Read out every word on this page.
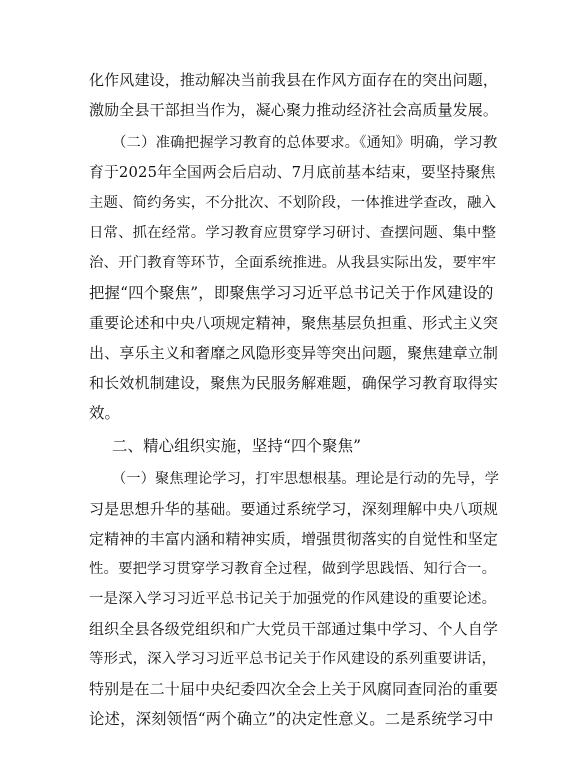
化作风建设，推动解决当前我县在作风方面存在的突出问题，
激励全县干部担当作为，凝心聚力推动经济社会高质量发展。
（二）准确把握学习教育的总体要求。《通知》明确，学习教
育于2025年全国两会后启动、7月底前基本结束，要坚持聚焦
主题、简约务实，不分批次、不划阶段，一体推进学查改，融入
日常、抓在经常。学习教育应贯穿学习研讨、查摆问题、集中整
治、开门教育等环节，全面系统推进。从我县实际出发，要牢牢
把握“四个聚焦”，即聚焦学习习近平总书记关于作风建设的
重要论述和中央八项规定精神，聚焦基层负担重、形式主义突
出、享乐主义和奢靡之风隐形变异等突出问题，聚焦建章立制
和长效机制建设，聚焦为民服务解难题，确保学习教育取得实
效。
二、精心组织实施，坚持“四个聚焦”
（一）聚焦理论学习，打牢思想根基。理论是行动的先导，学
习是思想升华的基础。要通过系统学习，深刻理解中央八项规
定精神的丰富内涵和精神实质，增强贯彻落实的自觉性和坚定
性。要把学习贯穿学习教育全过程，做到学思践悟、知行合一。
一是深入学习习近平总书记关于加强党的作风建设的重要论述。
组织全县各级党组织和广大党员干部通过集中学习、个人自学
等形式，深入学习习近平总书记关于作风建设的系列重要讲话，
特别是在二十届中央纪委四次全会上关于风腐同查同治的重要
论述，深刻领悟“两个确立”的决定性意义。二是系统学习中
